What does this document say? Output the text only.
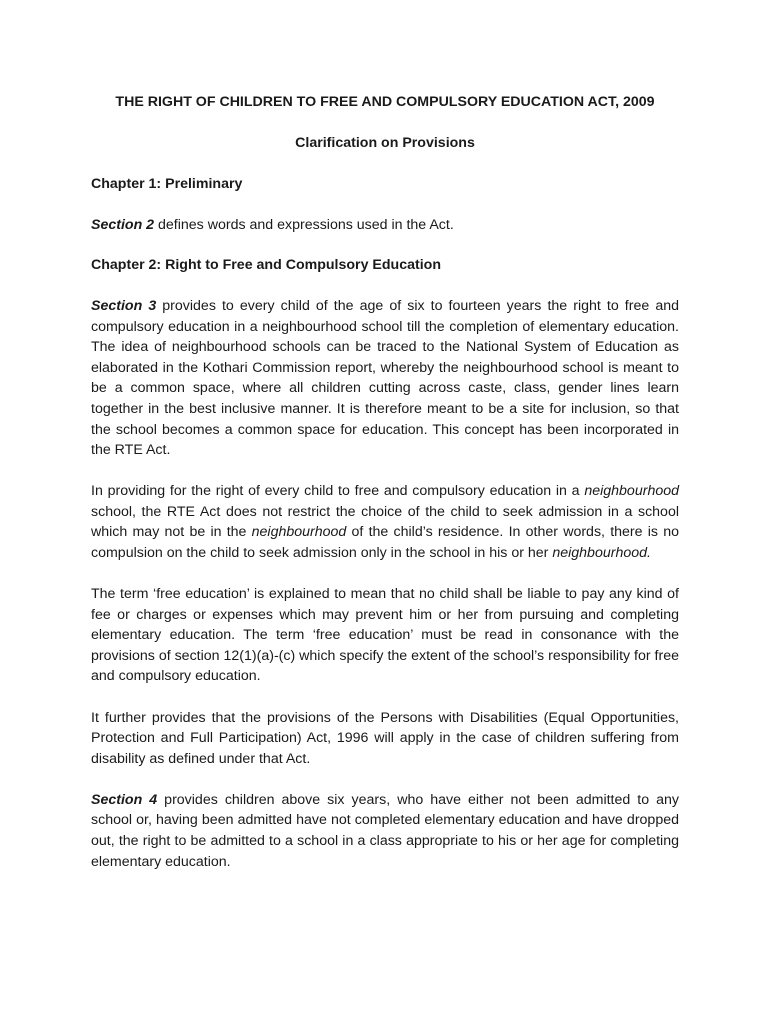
THE RIGHT OF CHILDREN TO FREE AND COMPULSORY EDUCATION ACT, 2009
Clarification on Provisions
Chapter 1: Preliminary

Section 2 defines words and expressions used in the Act.

Chapter 2: Right to Free and Compulsory Education

Section 3 provides to every child of the age of six to fourteen years the right to free and compulsory education in a neighbourhood school till the completion of elementary education. The idea of neighbourhood schools can be traced to the National System of Education as elaborated in the Kothari Commission report, whereby the neighbourhood school is meant to be a common space, where all children cutting across caste, class, gender lines learn together in the best inclusive manner. It is therefore meant to be a site for inclusion, so that the school becomes a common space for education. This concept has been incorporated in the RTE Act.

In providing for the right of every child to free and compulsory education in a neighbourhood school, the RTE Act does not restrict the choice of the child to seek admission in a school which may not be in the neighbourhood of the child’s residence. In other words, there is no compulsion on the child to seek admission only in the school in his or her neighbourhood.

The term ‘free education’ is explained to mean that no child shall be liable to pay any kind of fee or charges or expenses which may prevent him or her from pursuing and completing elementary education. The term ‘free education’ must be read in consonance with the provisions of section 12(1)(a)-(c) which specify the extent of the school’s responsibility for free and compulsory education.

It further provides that the provisions of the Persons with Disabilities (Equal Opportunities, Protection and Full Participation) Act, 1996 will apply in the case of children suffering from disability as defined under that Act.

Section 4 provides children above six years, who have either not been admitted to any school or, having been admitted have not completed elementary education and have dropped out, the right to be admitted to a school in a class appropriate to his or her age for completing elementary education.
